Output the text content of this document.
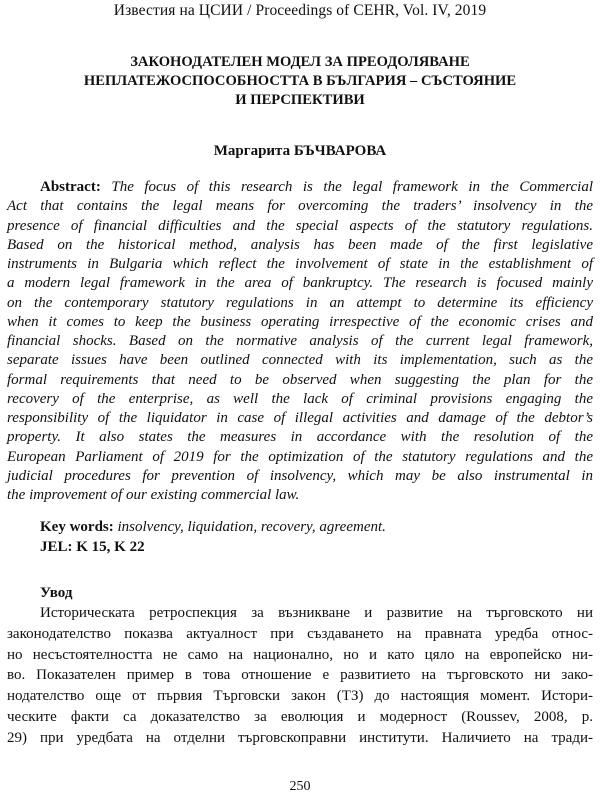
Известия на ЦСИИ / Proceedings of CEHR, Vol. IV, 2019
ЗАКОНОДАТЕЛЕН МОДЕЛ ЗА ПРЕОДОЛЯВАНЕ
НЕПЛАТЕЖОСПОСОБНОСТТА В БЪЛГАРИЯ – СЪСТОЯНИЕ
И ПЕРСПЕКТИВИ
Маргарита БЪЧВАРОВА
Abstract: The focus of this research is the legal framework in the Commercial
Act that contains the legal means for overcoming the traders’ insolvency in the
presence of financial difficulties and the special aspects of the statutory regulations.
Based on the historical method, analysis has been made of the first legislative
instruments in Bulgaria which reflect the involvement of state in the establishment of
a modern legal framework in the area of bankruptcy. The research is focused mainly
on the contemporary statutory regulations in an attempt to determine its efficiency
when it comes to keep the business operating irrespective of the economic crises and
financial shocks. Based on the normative analysis of the current legal framework,
separate issues have been outlined connected with its implementation, such as the
formal requirements that need to be observed when suggesting the plan for the
recovery of the enterprise, as well the lack of criminal provisions engaging the
responsibility of the liquidator in case of illegal activities and damage of the debtor’s
property. It also states the measures in accordance with the resolution of the
European Parliament of 2019 for the optimization of the statutory regulations and the
judicial procedures for prevention of insolvency, which may be also instrumental in
the improvement of our existing commercial law.
Key words: insolvency, liquidation, recovery, agreement.
JEL: K 15, K 22
Увод
Историческата ретроспекция за възникване и развитие на търговското ни
законодателство показва актуалност при създаването на правната уредба относ-
но несъстоятелността не само на национално, но и като цяло на европейско ни-
во. Показателен пример в това отношение е развитието на търговското ни зако-
нодателство още от първия Търговски закон (ТЗ) до настоящия момент. Истори-
ческите факти са доказателство за еволюция и модерност (Roussev, 2008, p.
29) при уредбата на отделни търговскоправни институти. Наличието на тради-
250
